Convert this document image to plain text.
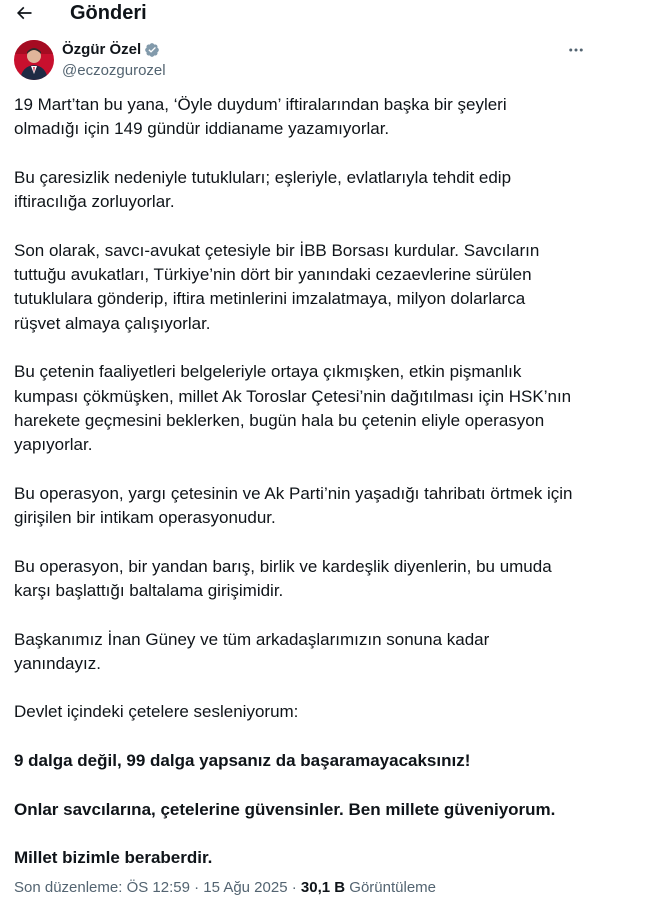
Gönderi
Özgür Özel
@eczozgurozel

19 Mart’tan bu yana, ‘Öyle duydum’ iftiralarından başka bir şeyleri olmadığı için 149 gündür iddianame yazamıyorlar.

Bu çaresizlik nedeniyle tutukluları; eşleriyle, evlatlarıyla tehdit edip iftiracılığa zorluyorlar.

Son olarak, savcı-avukat çetesiyle bir İBB Borsası kurdular. Savcıların tuttuğu avukatları, Türkiye’nin dört bir yanındaki cezaevlerine sürülen tutuklulara gönderip, iftira metinlerini imzalatmaya, milyon dolarlarca rüşvet almaya çalışıyorlar.

Bu çetenin faaliyetleri belgeleriyle ortaya çıkmışken, etkin pişmanlık kumpası çökmüşken, millet Ak Toroslar Çetesi’nin dağıtılması için HSK’nın harekete geçmesini beklerken, bugün hala bu çetenin eliyle operasyon yapıyorlar.

Bu operasyon, yargı çetesinin ve Ak Parti’nin yaşadığı tahribatı örtmek için girişilen bir intikam operasyonudur.

Bu operasyon, bir yandan barış, birlik ve kardeşlik diyenlerin, bu umuda karşı başlattığı baltalama girişimidir.

Başkanımız İnan Güney ve tüm arkadaşlarımızın sonuna kadar yanındayız.

Devlet içindeki çetelere sesleniyorum:

9 dalga değil, 99 dalga yapsanız da başaramayacaksınız!

Onlar savcılarına, çetelerine güvensinler. Ben millete güveniyorum.

Millet bizimle beraberdir.

Son düzenleme: ÖS 12:59 · 15 Ağu 2025 · 30,1 B Görüntüleme
